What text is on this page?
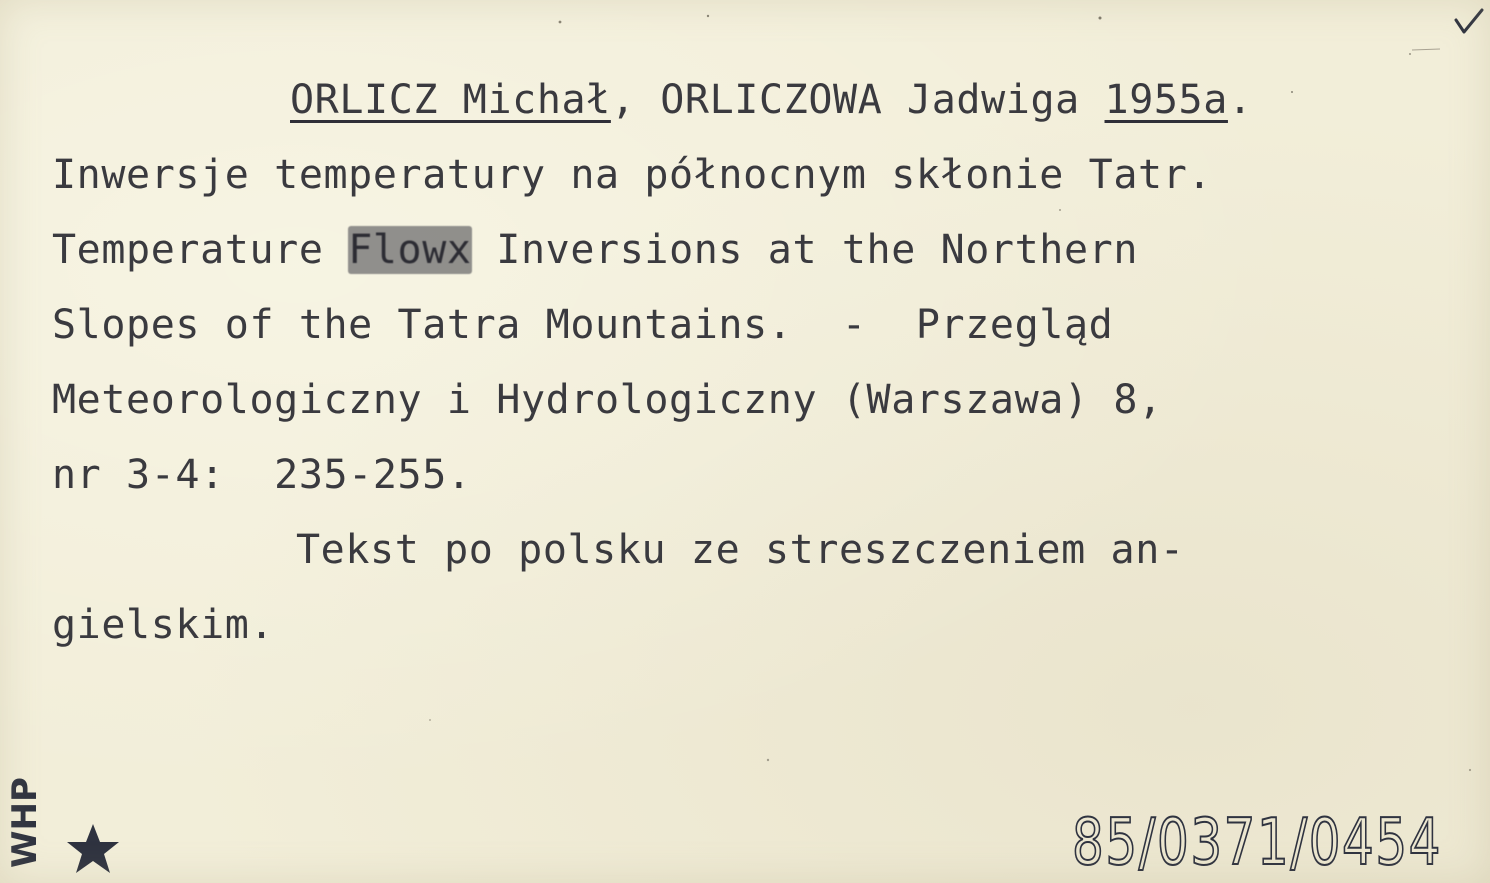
ORLICZ Michał, ORLICZOWA Jadwiga 1955a.
Inwersje temperatury na północnym skłonie Tatr.
Temperature Flowx Inversions at the Northern
Slopes of the Tatra Mountains.  -  Przegląd
Meteorologiczny i Hydrologiczny (Warszawa) 8,
nr 3-4:  235-255.
Tekst po polsku ze streszczeniem an-
gielskim.
WHP	85/0371/0454
